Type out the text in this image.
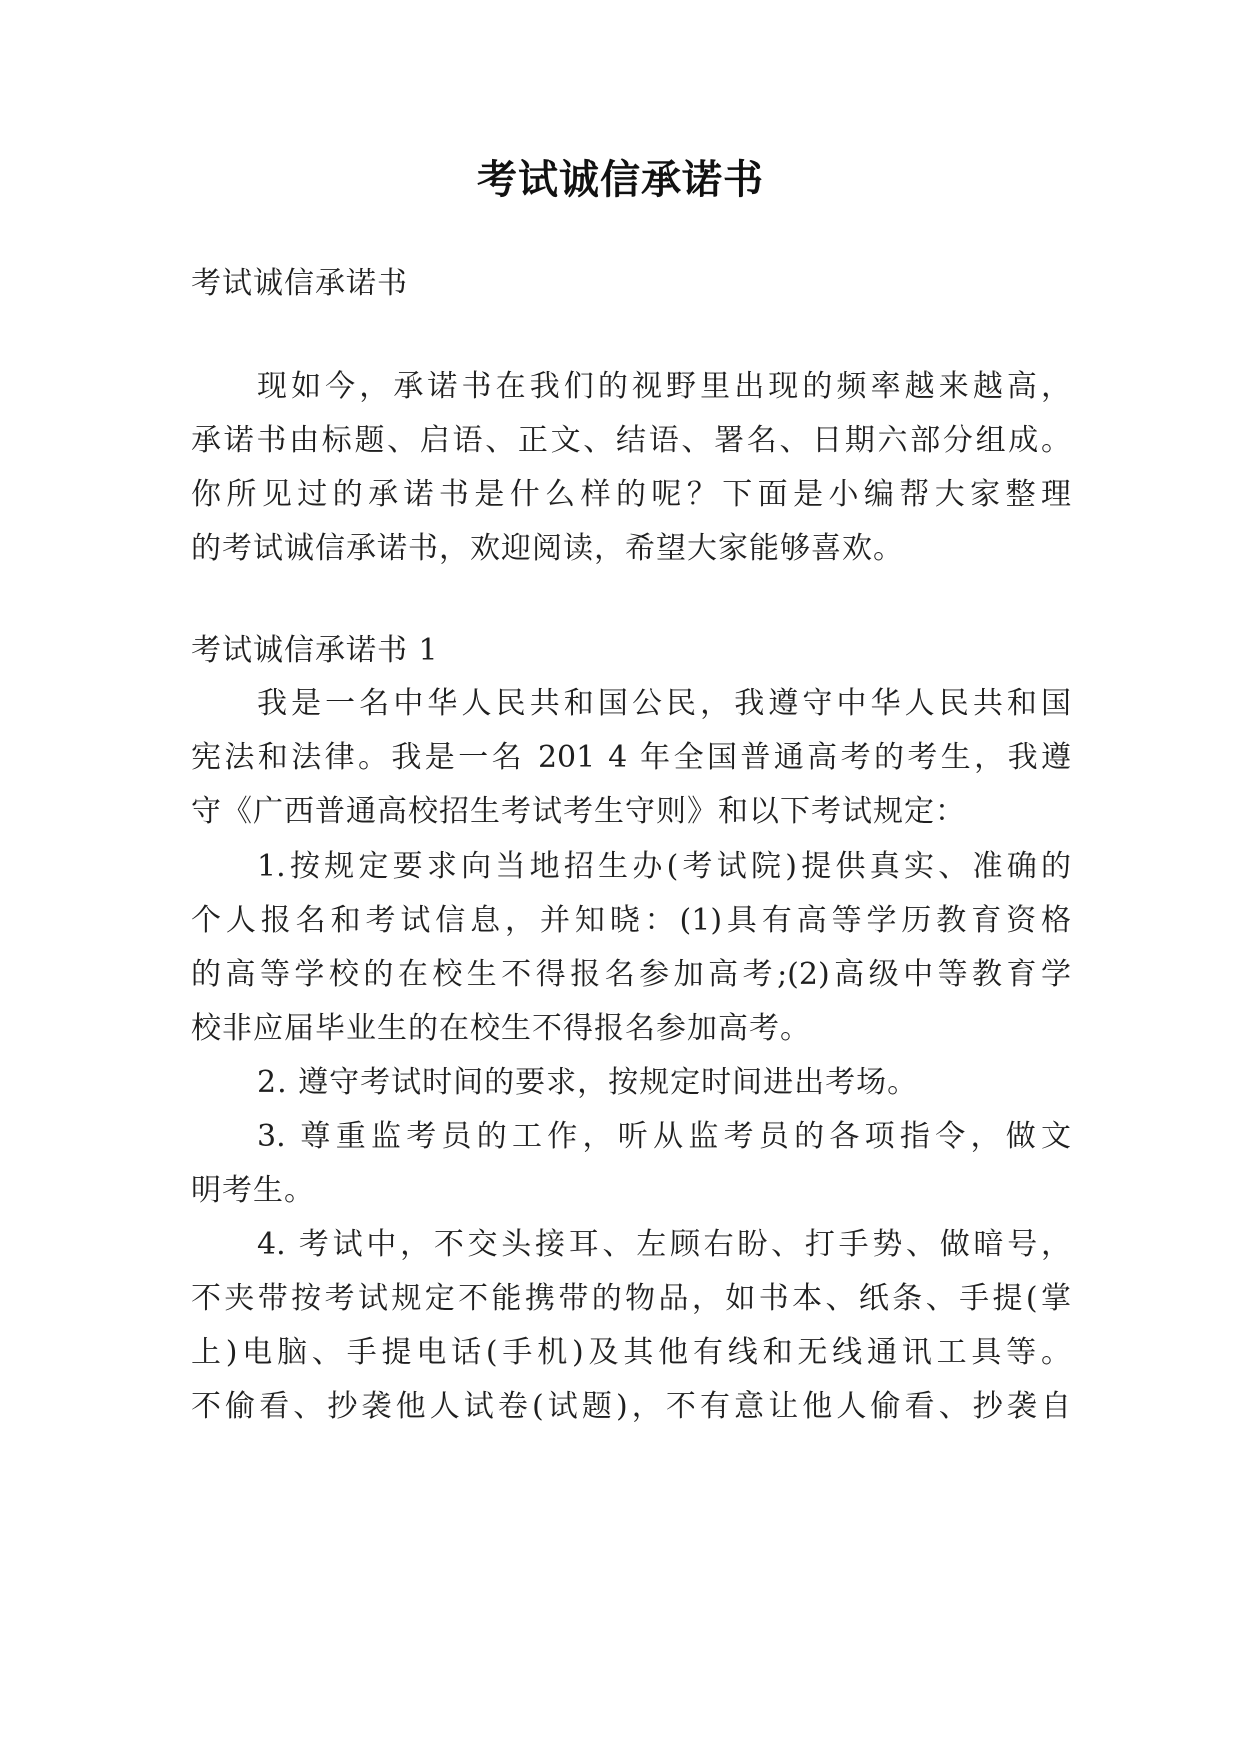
考试诚信承诺书
考试诚信承诺书
现如今，承诺书在我们的视野里出现的频率越来越高，
承诺书由标题、启语、正文、结语、署名、日期六部分组成。
你所见过的承诺书是什么样的呢？下面是小编帮大家整理
的考试诚信承诺书，欢迎阅读，希望大家能够喜欢。
考试诚信承诺书 1
我是一名中华人民共和国公民，我遵守中华人民共和国
宪法和法律。我是一名 201 4 年全国普通高考的考生，我遵
守《广西普通高校招生考试考生守则》和以下考试规定：
1.按规定要求向当地招生办(考试院)提供真实、准确的
个人报名和考试信息，并知晓：(1)具有高等学历教育资格
的高等学校的在校生不得报名参加高考;(2)高级中等教育学
校非应届毕业生的在校生不得报名参加高考。
2. 遵守考试时间的要求，按规定时间进出考场。
3. 尊重监考员的工作，听从监考员的各项指令，做文
明考生。
4. 考试中，不交头接耳、左顾右盼、打手势、做暗号，
不夹带按考试规定不能携带的物品，如书本、纸条、手提(掌
上)电脑、手提电话(手机)及其他有线和无线通讯工具等。
不偷看、抄袭他人试卷(试题)，不有意让他人偷看、抄袭自
